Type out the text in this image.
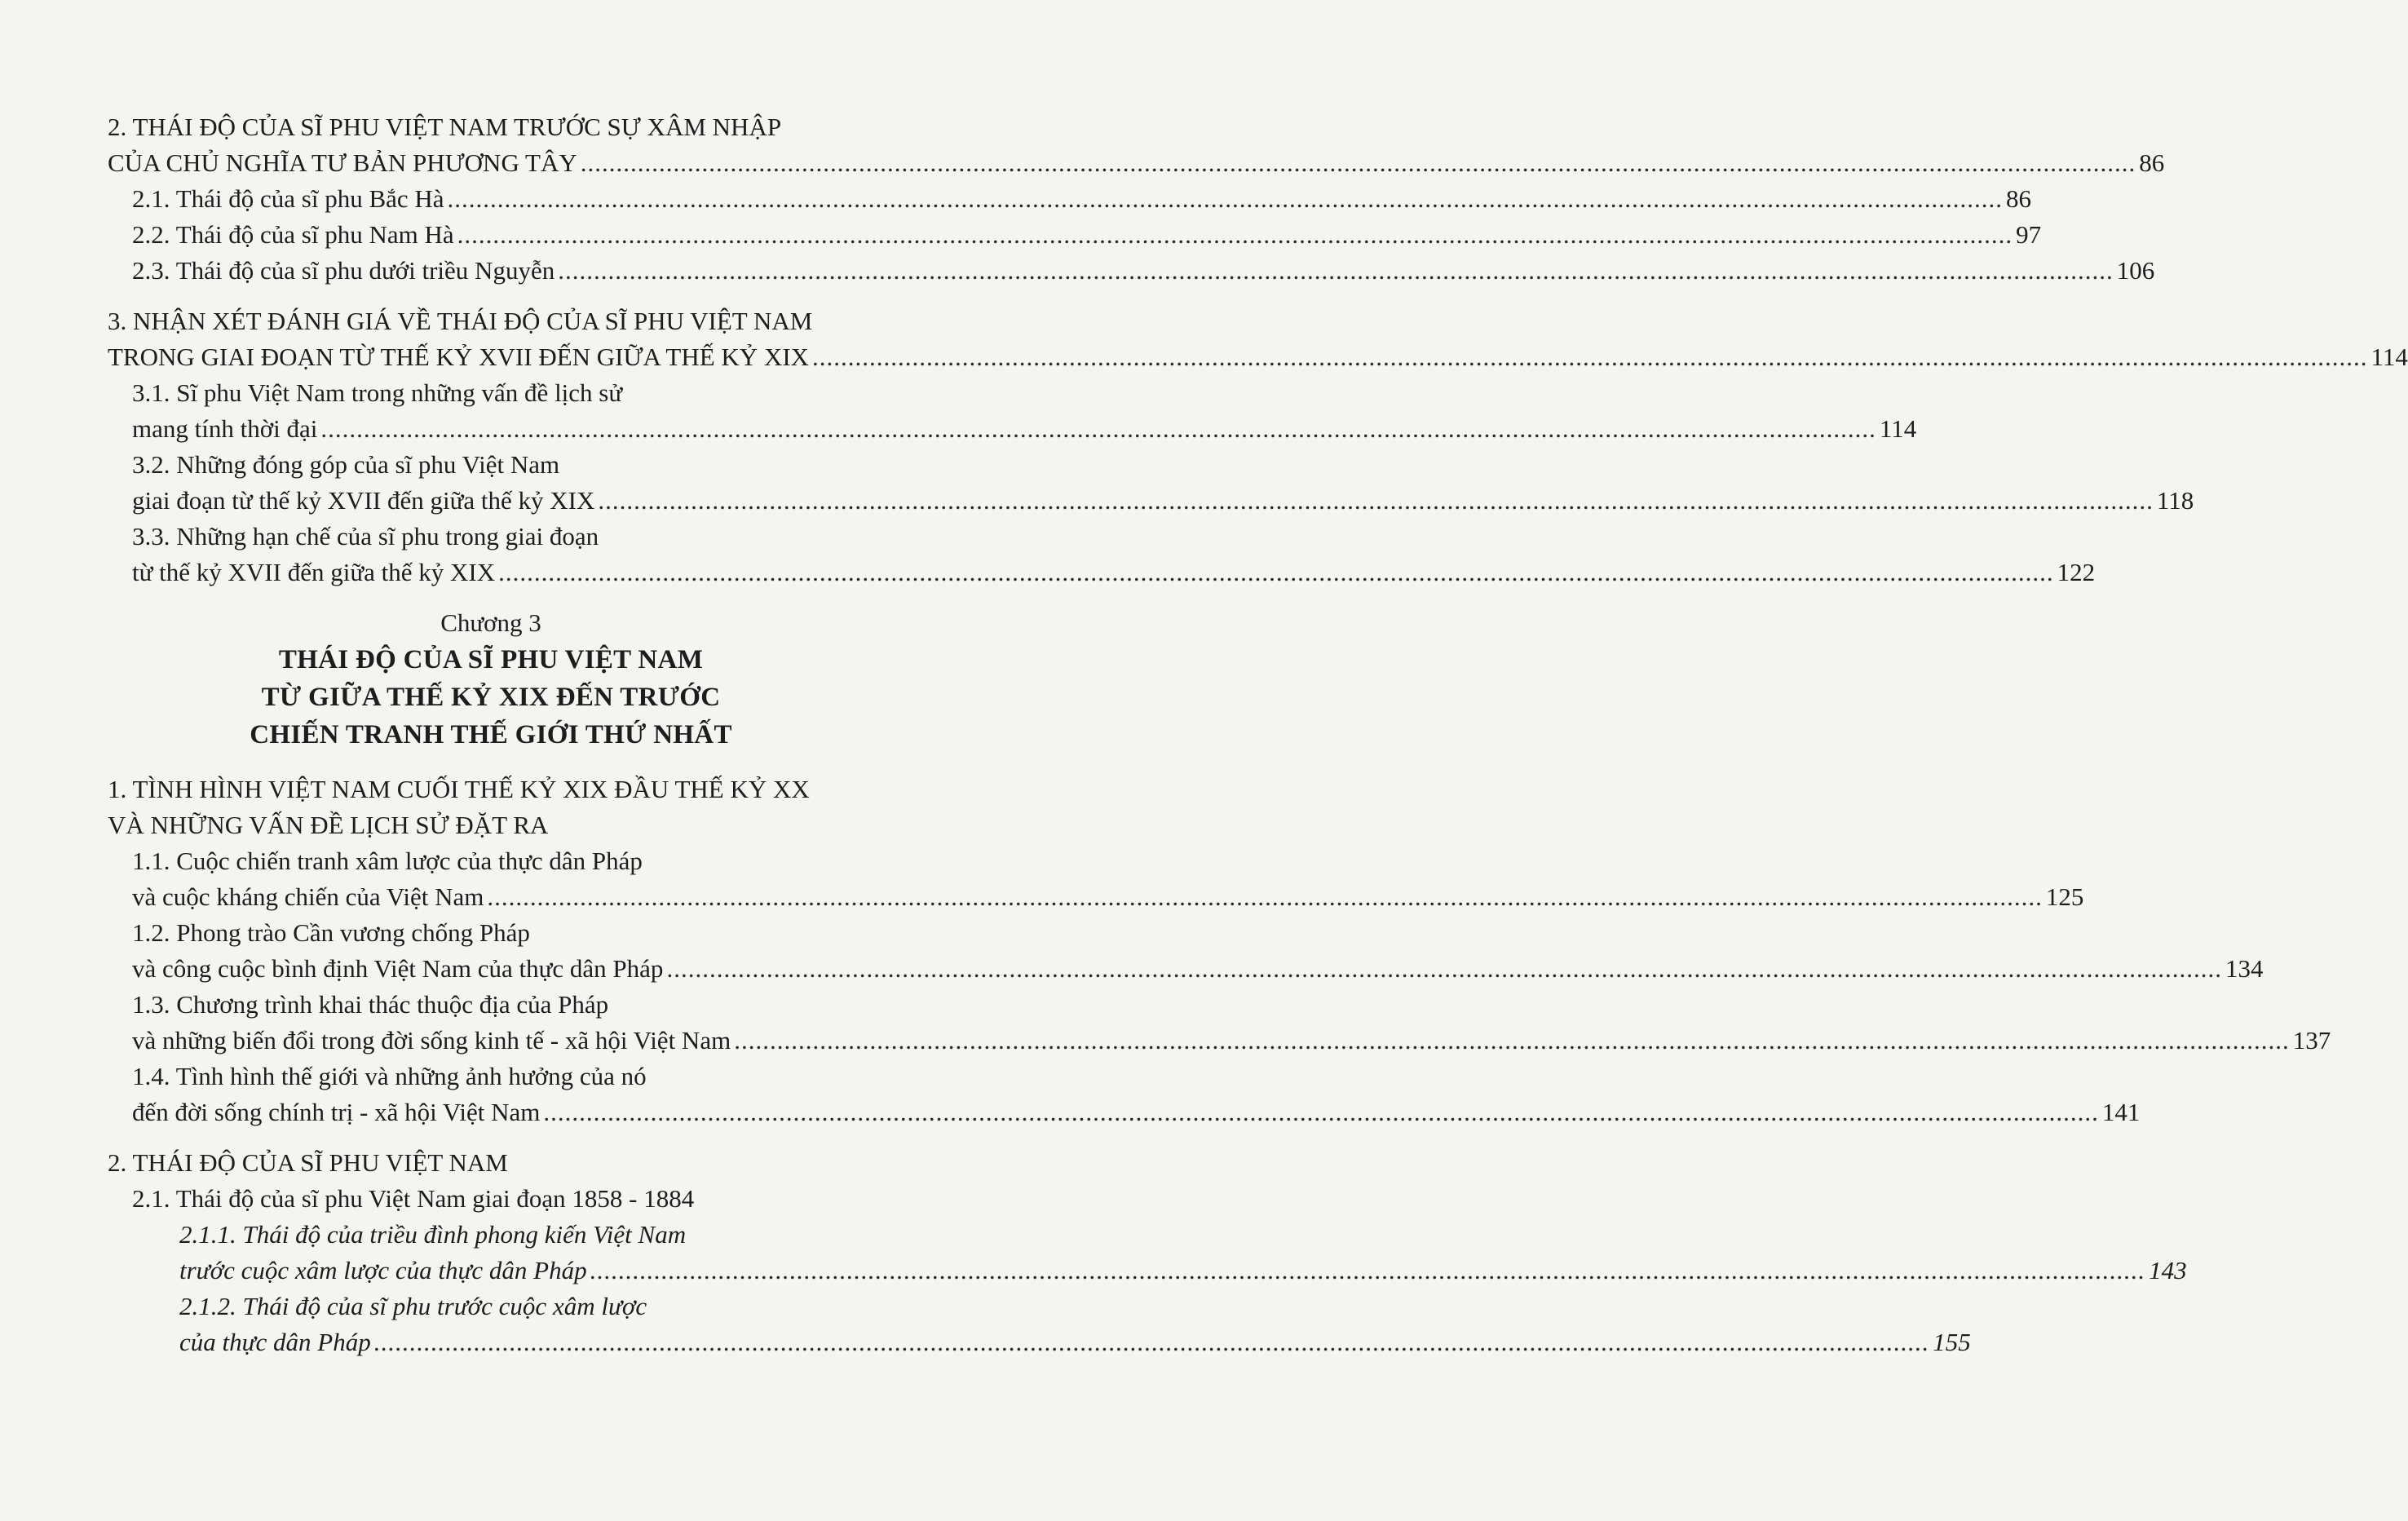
2. THÁI ĐỘ CỦA SĨ PHU VIỆT NAM TRƯỚC SỰ XÂM NHẬP
CỦA CHỦ NGHĨA TƯ BẢN PHƯƠNG TÂY .......................................................................................................................................................................................................................... 86
2.1. Thái độ của sĩ phu Bắc Hà .......................................................................................................................................................................................................................... 86
2.2. Thái độ của sĩ phu Nam Hà .......................................................................................................................................................................................................................... 97
2.3. Thái độ của sĩ phu dưới triều Nguyễn .......................................................................................................................................................................................................................... 106
3. NHẬN XÉT ĐÁNH GIÁ VỀ THÁI ĐỘ CỦA SĨ PHU VIỆT NAM
TRONG GIAI ĐOẠN TỪ THẾ KỶ XVII ĐẾN GIỮA THẾ KỶ XIX .......................................................................................................................................................................................................................... 114
3.1. Sĩ phu Việt Nam trong những vấn đề lịch sử
mang tính thời đại .......................................................................................................................................................................................................................... 114
3.2. Những đóng góp của sĩ phu Việt Nam
giai đoạn từ thế kỷ XVII đến giữa thế kỷ XIX .......................................................................................................................................................................................................................... 118
3.3. Những hạn chế của sĩ phu trong giai đoạn
từ thế kỷ XVII đến giữa thế kỷ XIX .......................................................................................................................................................................................................................... 122
Chương 3
THÁI ĐỘ CỦA SĨ PHU VIỆT NAM
TỪ GIỮA THẾ KỶ XIX ĐẾN TRƯỚC
CHIẾN TRANH THẾ GIỚI THỨ NHẤT
1. TÌNH HÌNH VIỆT NAM CUỐI THẾ KỶ XIX ĐẦU THẾ KỶ XX
VÀ NHỮNG VẤN ĐỀ LỊCH SỬ ĐẶT RA
1.1. Cuộc chiến tranh xâm lược của thực dân Pháp
và cuộc kháng chiến của Việt Nam .......................................................................................................................................................................................................................... 125
1.2. Phong trào Cần vương chống Pháp
và công cuộc bình định Việt Nam của thực dân Pháp .......................................................................................................................................................................................................................... 134
1.3. Chương trình khai thác thuộc địa của Pháp
và những biến đổi trong đời sống kinh tế - xã hội Việt Nam .......................................................................................................................................................................................................................... 137
1.4. Tình hình thế giới và những ảnh hưởng của nó
đến đời sống chính trị - xã hội Việt Nam .......................................................................................................................................................................................................................... 141
2. THÁI ĐỘ CỦA SĨ PHU VIỆT NAM
2.1. Thái độ của sĩ phu Việt Nam giai đoạn 1858 - 1884
2.1.1. Thái độ của triều đình phong kiến Việt Nam
trước cuộc xâm lược của thực dân Pháp .......................................................................................................................................................................................................................... 143
2.1.2. Thái độ của sĩ phu trước cuộc xâm lược
của thực dân Pháp .......................................................................................................................................................................................................................... 155
